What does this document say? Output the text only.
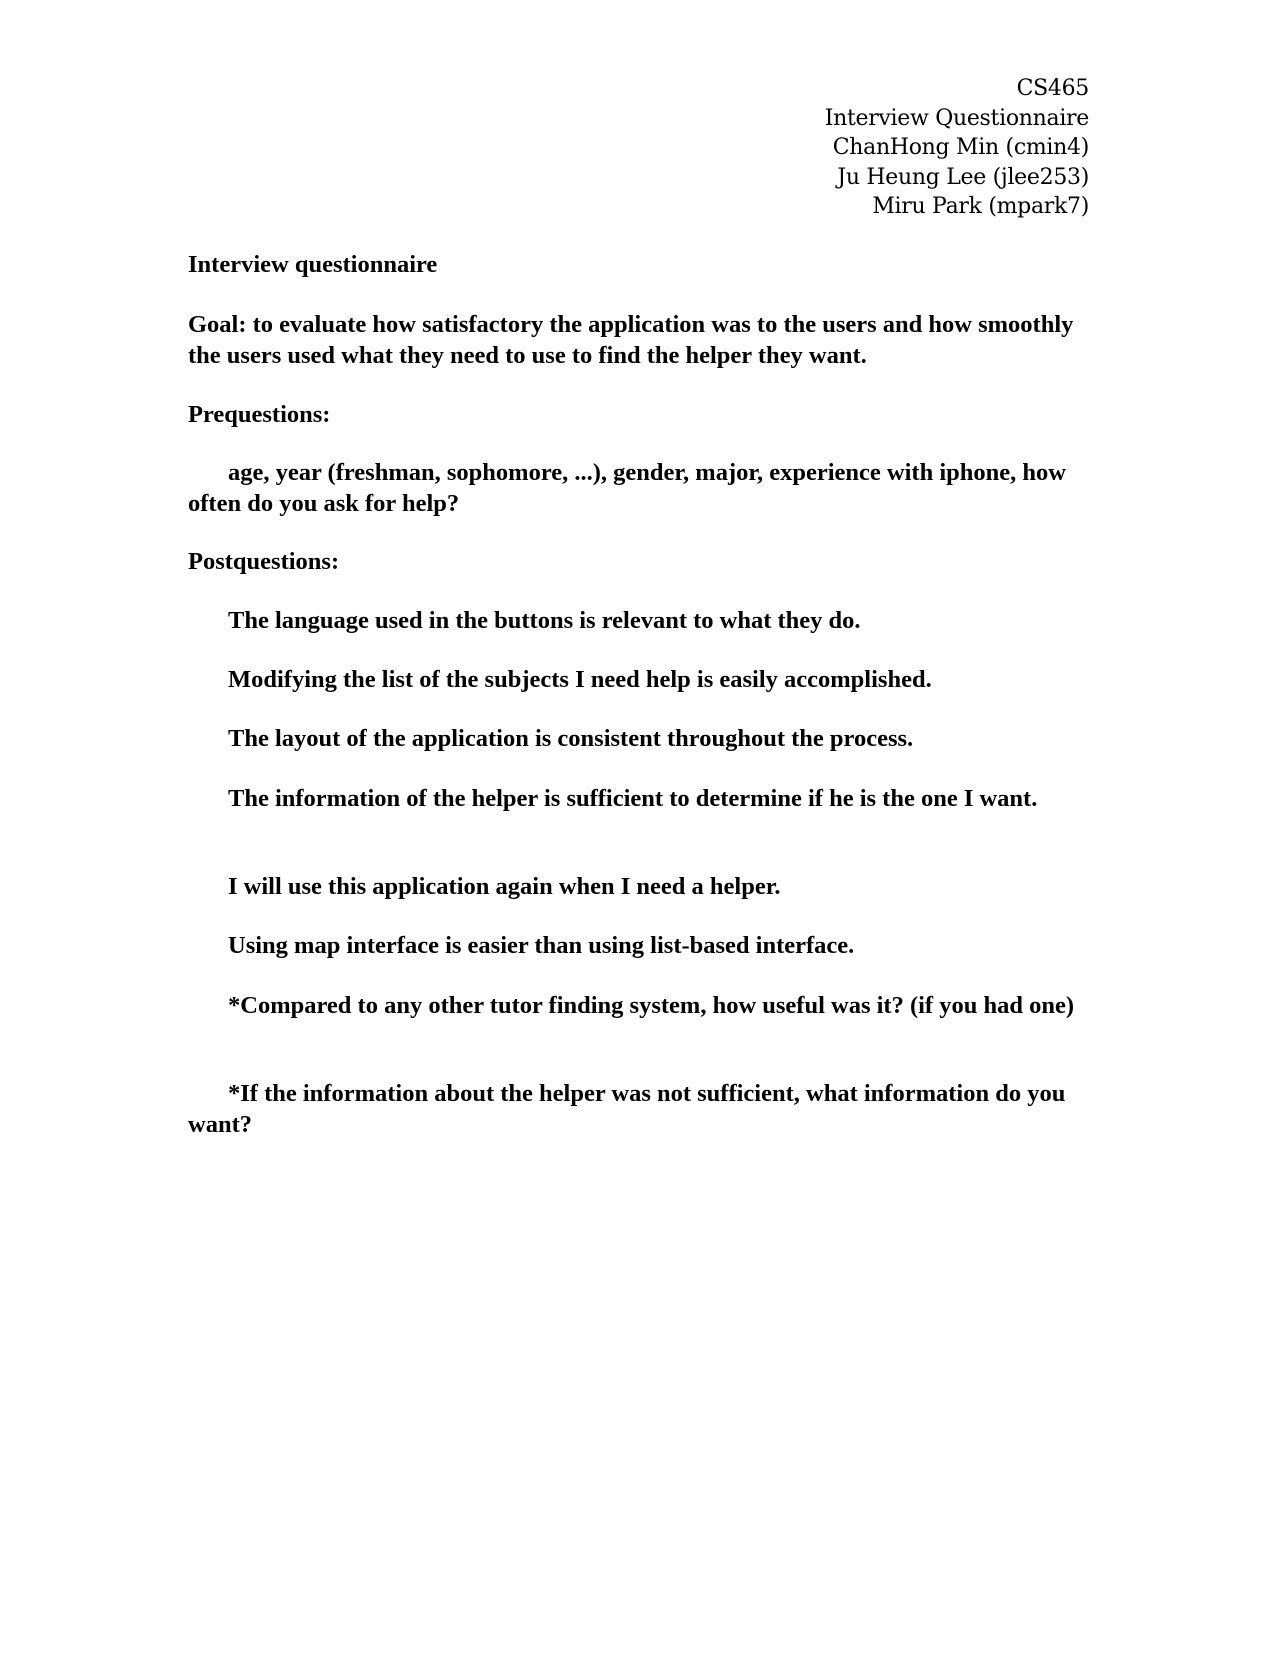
CS465
Interview Questionnaire
ChanHong Min (cmin4)
Ju Heung Lee (jlee253)
Miru Park (mpark7)

Interview questionnaire

Goal: to evaluate how satisfactory the application was to the users and how smoothly the users used what they need to use to find the helper they want.

Prequestions:

age, year (freshman, sophomore, ...), gender, major, experience with iphone, how often do you ask for help?

Postquestions:

The language used in the buttons is relevant to what they do.

Modifying the list of the subjects I need help is easily accomplished.

The layout of the application is consistent throughout the process.

The information of the helper is sufficient to determine if he is the one I want.

I will use this application again when I need a helper.

Using map interface is easier than using list-based interface.

*Compared to any other tutor finding system, how useful was it? (if you had one)

*If the information about the helper was not sufficient, what information do you want?
